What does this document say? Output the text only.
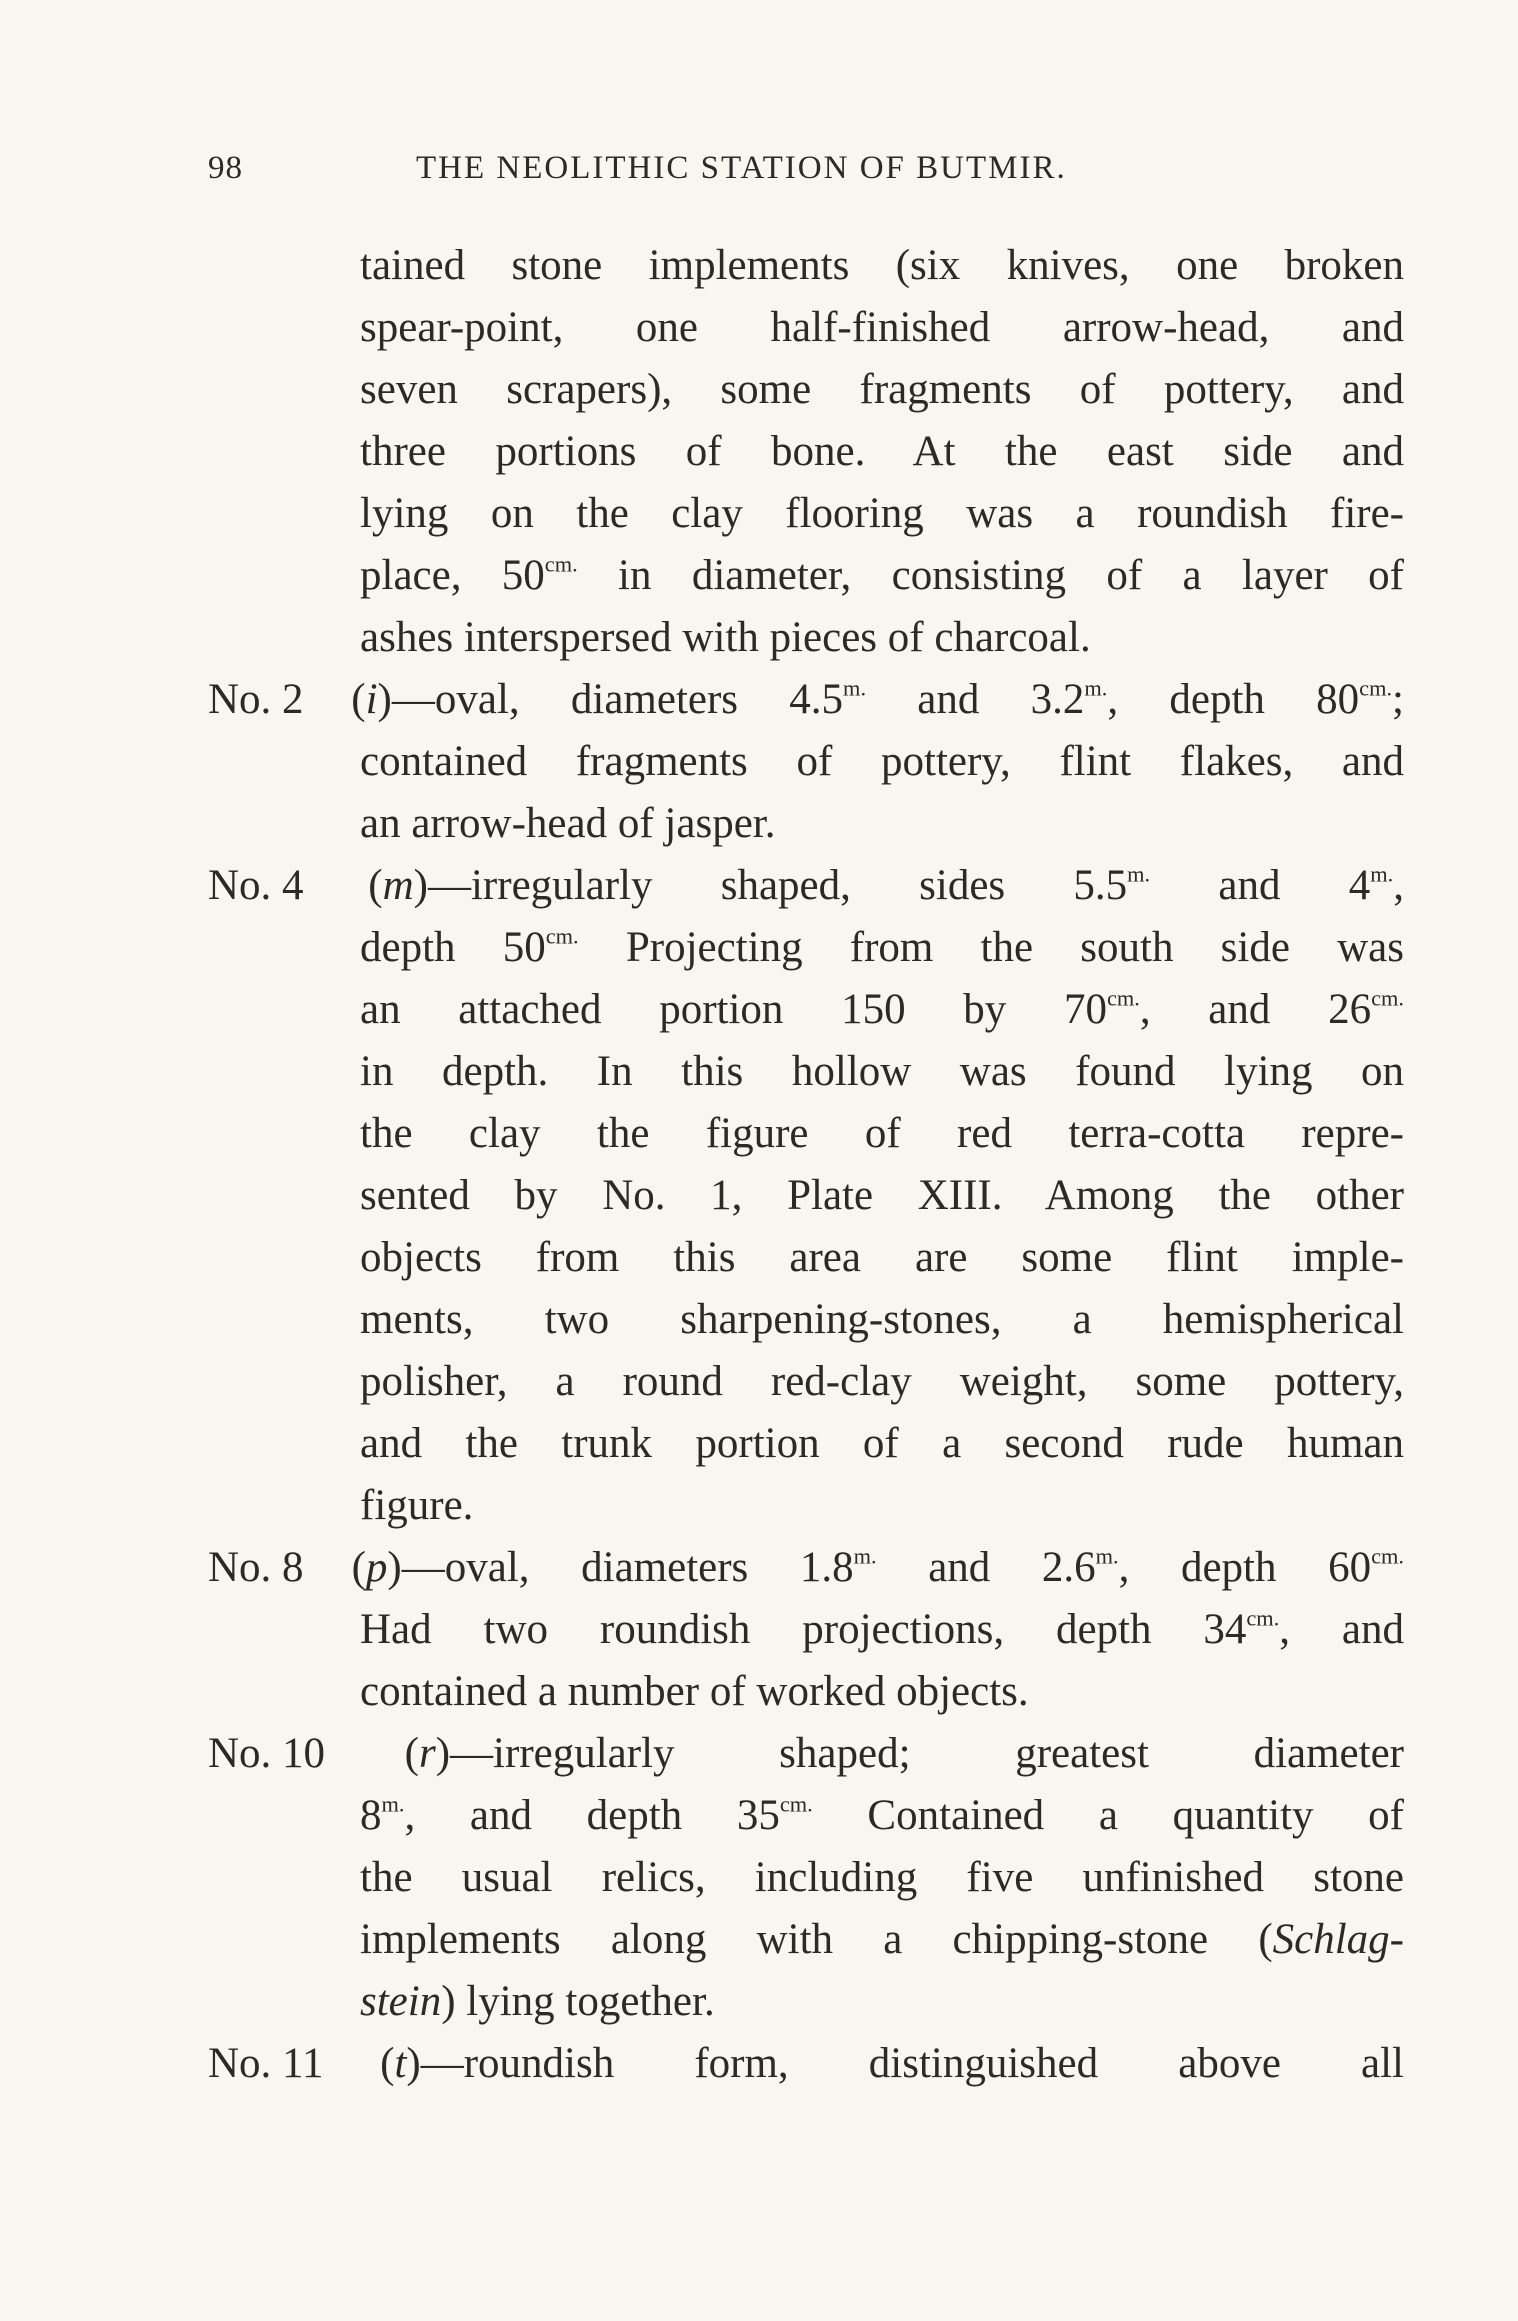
98	THE NEOLITHIC STATION OF BUTMIR.
tained stone implements (six knives, one broken
spear-point, one half-finished arrow-head, and
seven scrapers), some fragments of pottery, and
three portions of bone. At the east side and
lying on the clay flooring was a roundish fire-
place, $50^{cm.}$ in diameter, consisting of a layer of
ashes interspersed with pieces of charcoal.
No. 2 (i)—oval, diameters $4.5^{m.}$ and $3.2^{m.}$, depth $80^{cm.}$;
contained fragments of pottery, flint flakes, and
an arrow-head of jasper.
No. 4 (m)—irregularly shaped, sides $5.5^{m.}$ and $4^{m.}$,
depth $50^{cm.}$ Projecting from the south side was
an attached portion 150 by $70^{cm.}$, and $26^{cm.}$
in depth. In this hollow was found lying on
the clay the figure of red terra-cotta repre-
sented by No. 1, Plate XIII. Among the other
objects from this area are some flint imple-
ments, two sharpening-stones, a hemispherical
polisher, a round red-clay weight, some pottery,
and the trunk portion of a second rude human
figure.
No. 8 (p)—oval, diameters $1.8^{m.}$ and $2.6^{m.}$, depth $60^{cm.}$
Had two roundish projections, depth $34^{cm.}$, and
contained a number of worked objects.
No. 10 (r)—irregularly shaped; greatest diameter
$8^{m.}$, and depth $35^{cm.}$ Contained a quantity of
the usual relics, including five unfinished stone
implements along with a chipping-stone (Schlag-
stein) lying together.
No. 11 (t)—roundish form, distinguished above all
